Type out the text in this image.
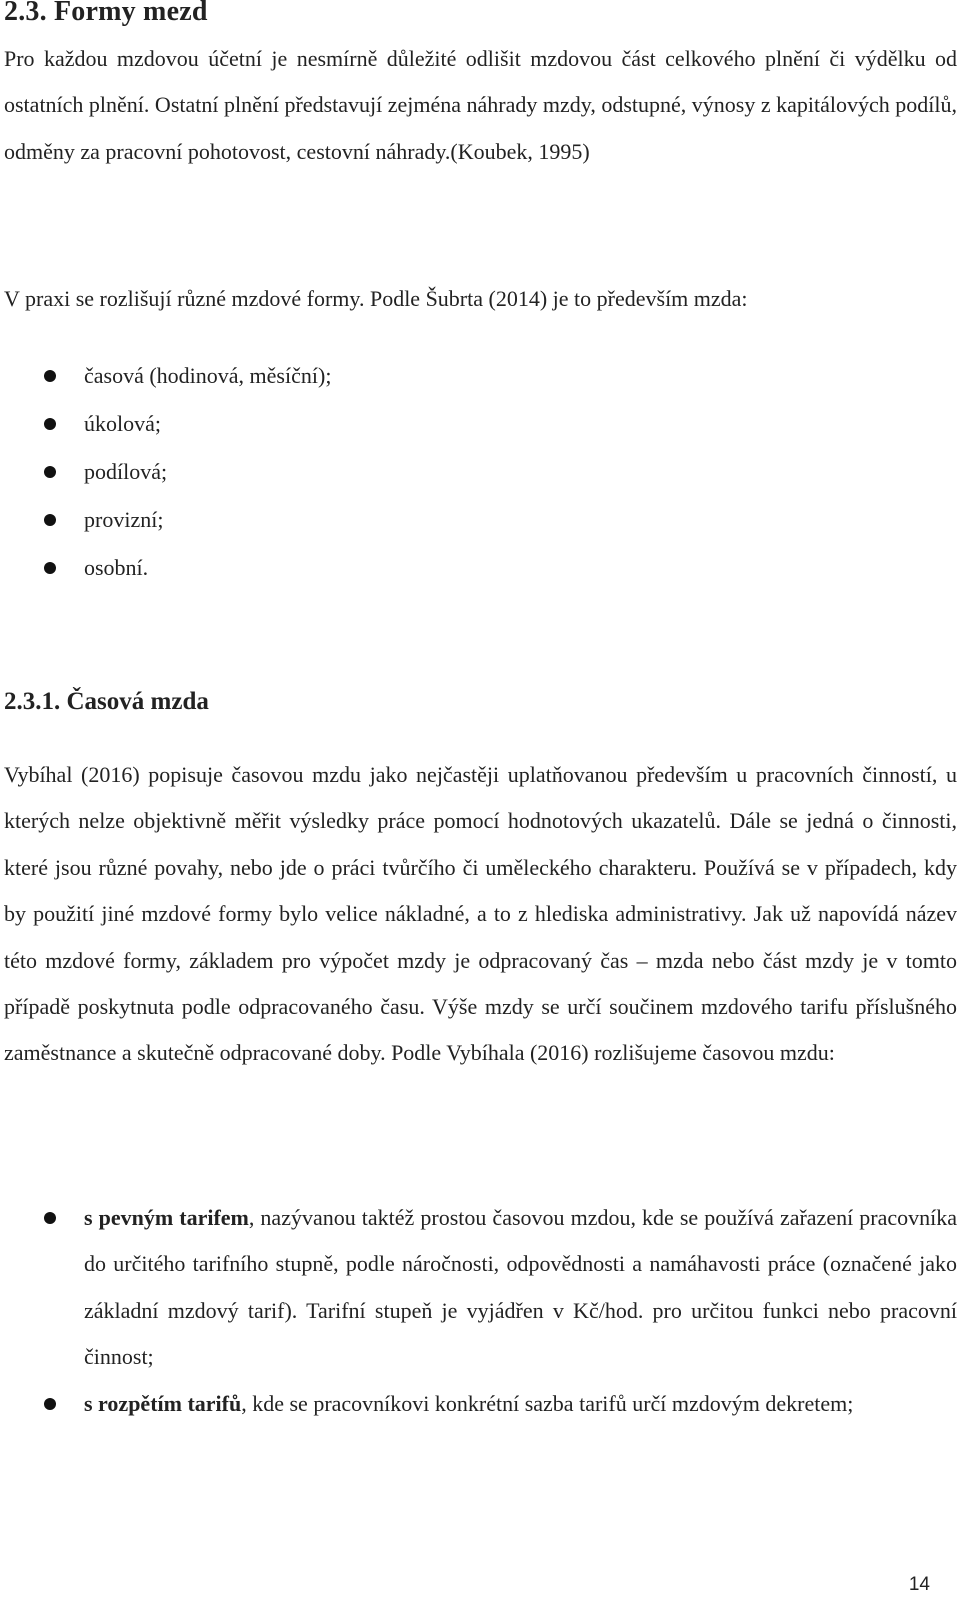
2.3. Formy mezd

Pro každou mzdovou účetní je nesmírně důležité odlišit mzdovou část celkového plnění či výdělku od ostatních plnění. Ostatní plnění představují zejména náhrady mzdy, odstupné, výnosy z kapitálových podílů, odměny za pracovní pohotovost, cestovní náhrady.(Koubek, 1995)

V praxi se rozlišují různé mzdové formy. Podle Šubrta (2014) je to především mzda:

časová (hodinová, měsíční);
úkolová;
podílová;
provizní;
osobní.
2.3.1. Časová mzda

Vybíhal (2016) popisuje časovou mzdu jako nejčastěji uplatňovanou především u pracovních činností, u kterých nelze objektivně měřit výsledky práce pomocí hodnotových ukazatelů. Dále se jedná o činnosti, které jsou různé povahy, nebo jde o práci tvůrčího či uměleckého charakteru. Používá se v případech, kdy by použití jiné mzdové formy bylo velice nákladné, a to z hlediska administrativy. Jak už napovídá název této mzdové formy, základem pro výpočet mzdy je odpracovaný čas – mzda nebo část mzdy je v tomto případě poskytnuta podle odpracovaného času. Výše mzdy se určí součinem mzdového tarifu příslušného zaměstnance a skutečně odpracované doby. Podle Vybíhala (2016) rozlišujeme časovou mzdu:

s pevným tarifem, nazývanou taktéž prostou časovou mzdou, kde se používá zařazení pracovníka do určitého tarifního stupně, podle náročnosti, odpovědnosti a namáhavosti práce (označené jako základní mzdový tarif). Tarifní stupeň je vyjádřen v Kč/hod. pro určitou funkci nebo pracovní činnost;
s rozpětím tarifů, kde se pracovníkovi konkrétní sazba tarifů určí mzdovým dekretem;
14
